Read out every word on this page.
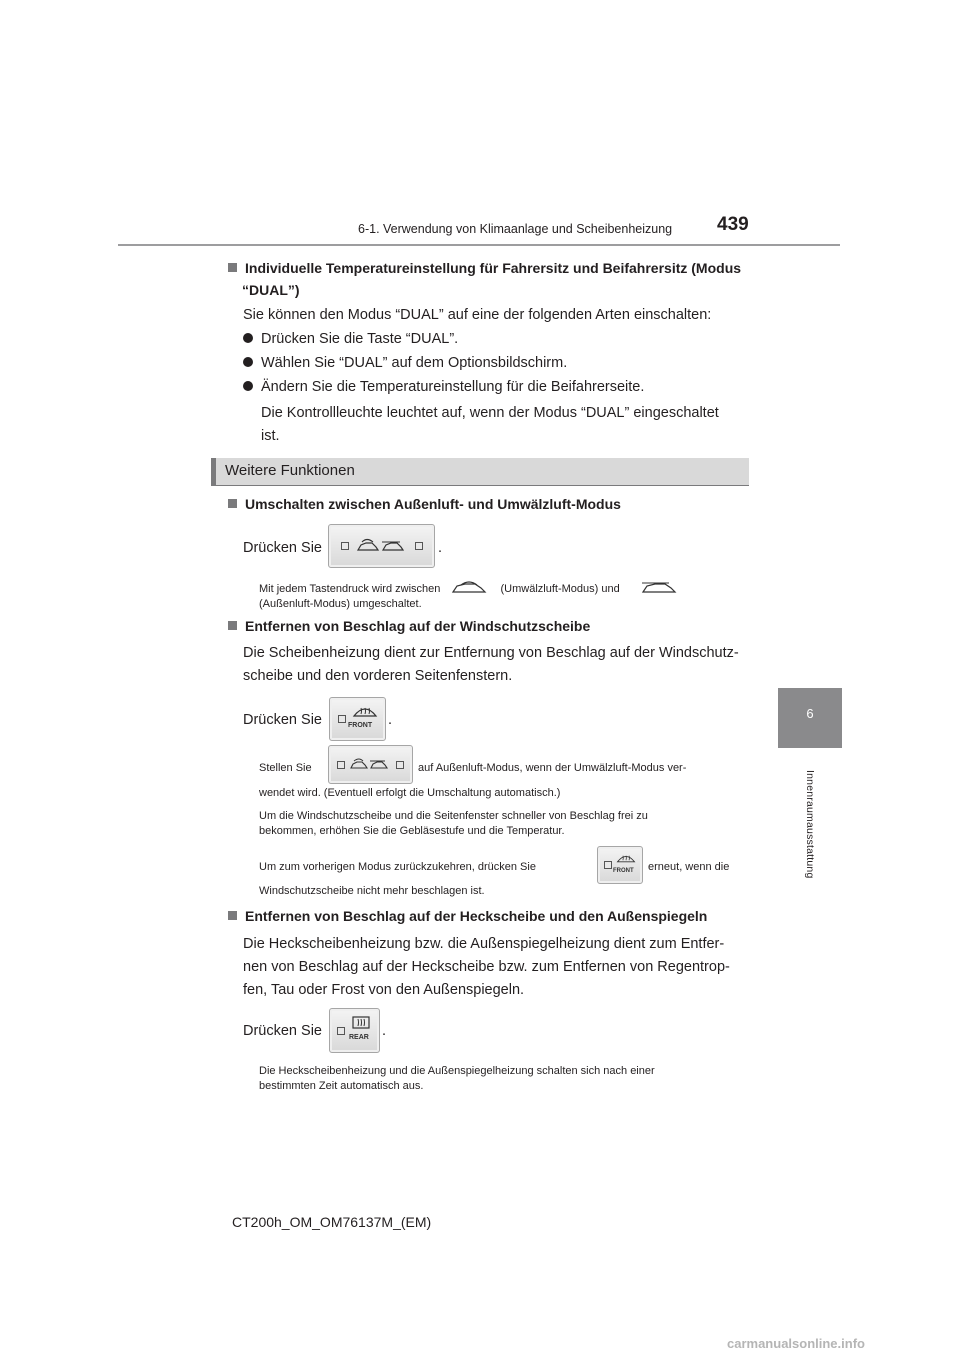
6-1. Verwendung von Klimaanlage und Scheibenheizung 439
6
Innenraumausstattung
Individuelle Temperatureinstellung für Fahrersitz und Beifahrersitz (Modus
“DUAL”)
Sie können den Modus “DUAL” auf eine der folgenden Arten einschalten:
Drücken Sie die Taste “DUAL”.
Wählen Sie “DUAL” auf dem Optionsbildschirm.
Ändern Sie die Temperatureinstellung für die Beifahrerseite.
Die Kontrollleuchte leuchtet auf, wenn der Modus “DUAL” eingeschaltet
ist.
Weitere Funktionen
Umschalten zwischen Außenluft- und Umwälzluft-Modus
Drücken Sie	.
Mit jedem Tastendruck wird zwischen	(Umwälzluft-Modus) und
(Außenluft-Modus) umgeschaltet.
Entfernen von Beschlag auf der Windschutzscheibe
Die Scheibenheizung dient zur Entfernung von Beschlag auf der Windschutz-
scheibe und den vorderen Seitenfenstern.
Drücken Sie	FRONT .
Stellen Sie	auf Außenluft-Modus, wenn der Umwälzluft-Modus ver-
wendet wird. (Eventuell erfolgt die Umschaltung automatisch.)
Um die Windschutzscheibe und die Seitenfenster schneller von Beschlag frei zu
bekommen, erhöhen Sie die Gebläsestufe und die Temperatur.
Um zum vorherigen Modus zurückzukehren, drücken Sie	FRONT erneut, wenn die
Windschutzscheibe nicht mehr beschlagen ist.
Entfernen von Beschlag auf der Heckscheibe und den Außenspiegeln
Die Heckscheibenheizung bzw. die Außenspiegelheizung dient zum Entfer-
nen von Beschlag auf der Heckscheibe bzw. zum Entfernen von Regentrop-
fen, Tau oder Frost von den Außenspiegeln.
Drücken Sie	REAR .
Die Heckscheibenheizung und die Außenspiegelheizung schalten sich nach einer
bestimmten Zeit automatisch aus.
CT200h_OM_OM76137M_(EM)
carmanualsonline.info
